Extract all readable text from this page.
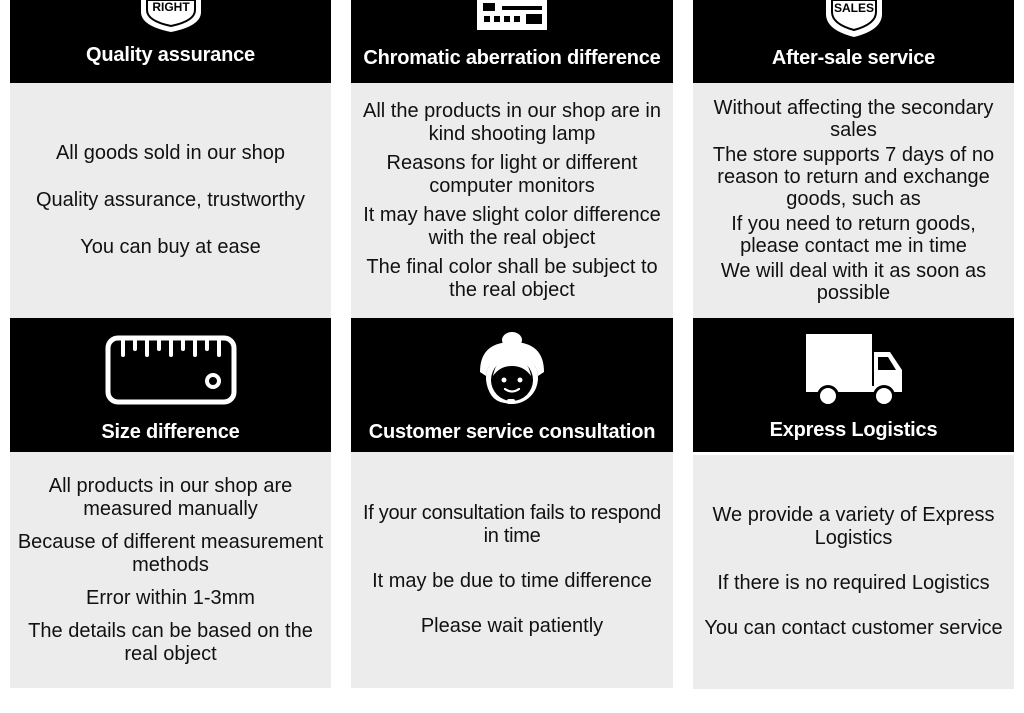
RIGHT
Quality assurance
All goods sold in our shop
Quality assurance, trustworthy
You can buy at ease
Chromatic aberration difference
All the products in our shop are in kind shooting lamp
Reasons for light or different computer monitors
It may have slight color difference with the real object
The final color shall be subject to the real object
SALES
After-sale service
Without affecting the secondary sales
The store supports 7 days of no reason to return and exchange goods, such as
If you need to return goods, please contact me in time
We will deal with it as soon as possible
Size difference
All products in our shop are measured manually
Because of different measurement methods
Error within 1-3mm
The details can be based on the real object
Customer service consultation
If your consultation fails to respond in time
It may be due to time difference
Please wait patiently
Express Logistics
We provide a variety of Express Logistics
If there is no required Logistics
You can contact customer service
